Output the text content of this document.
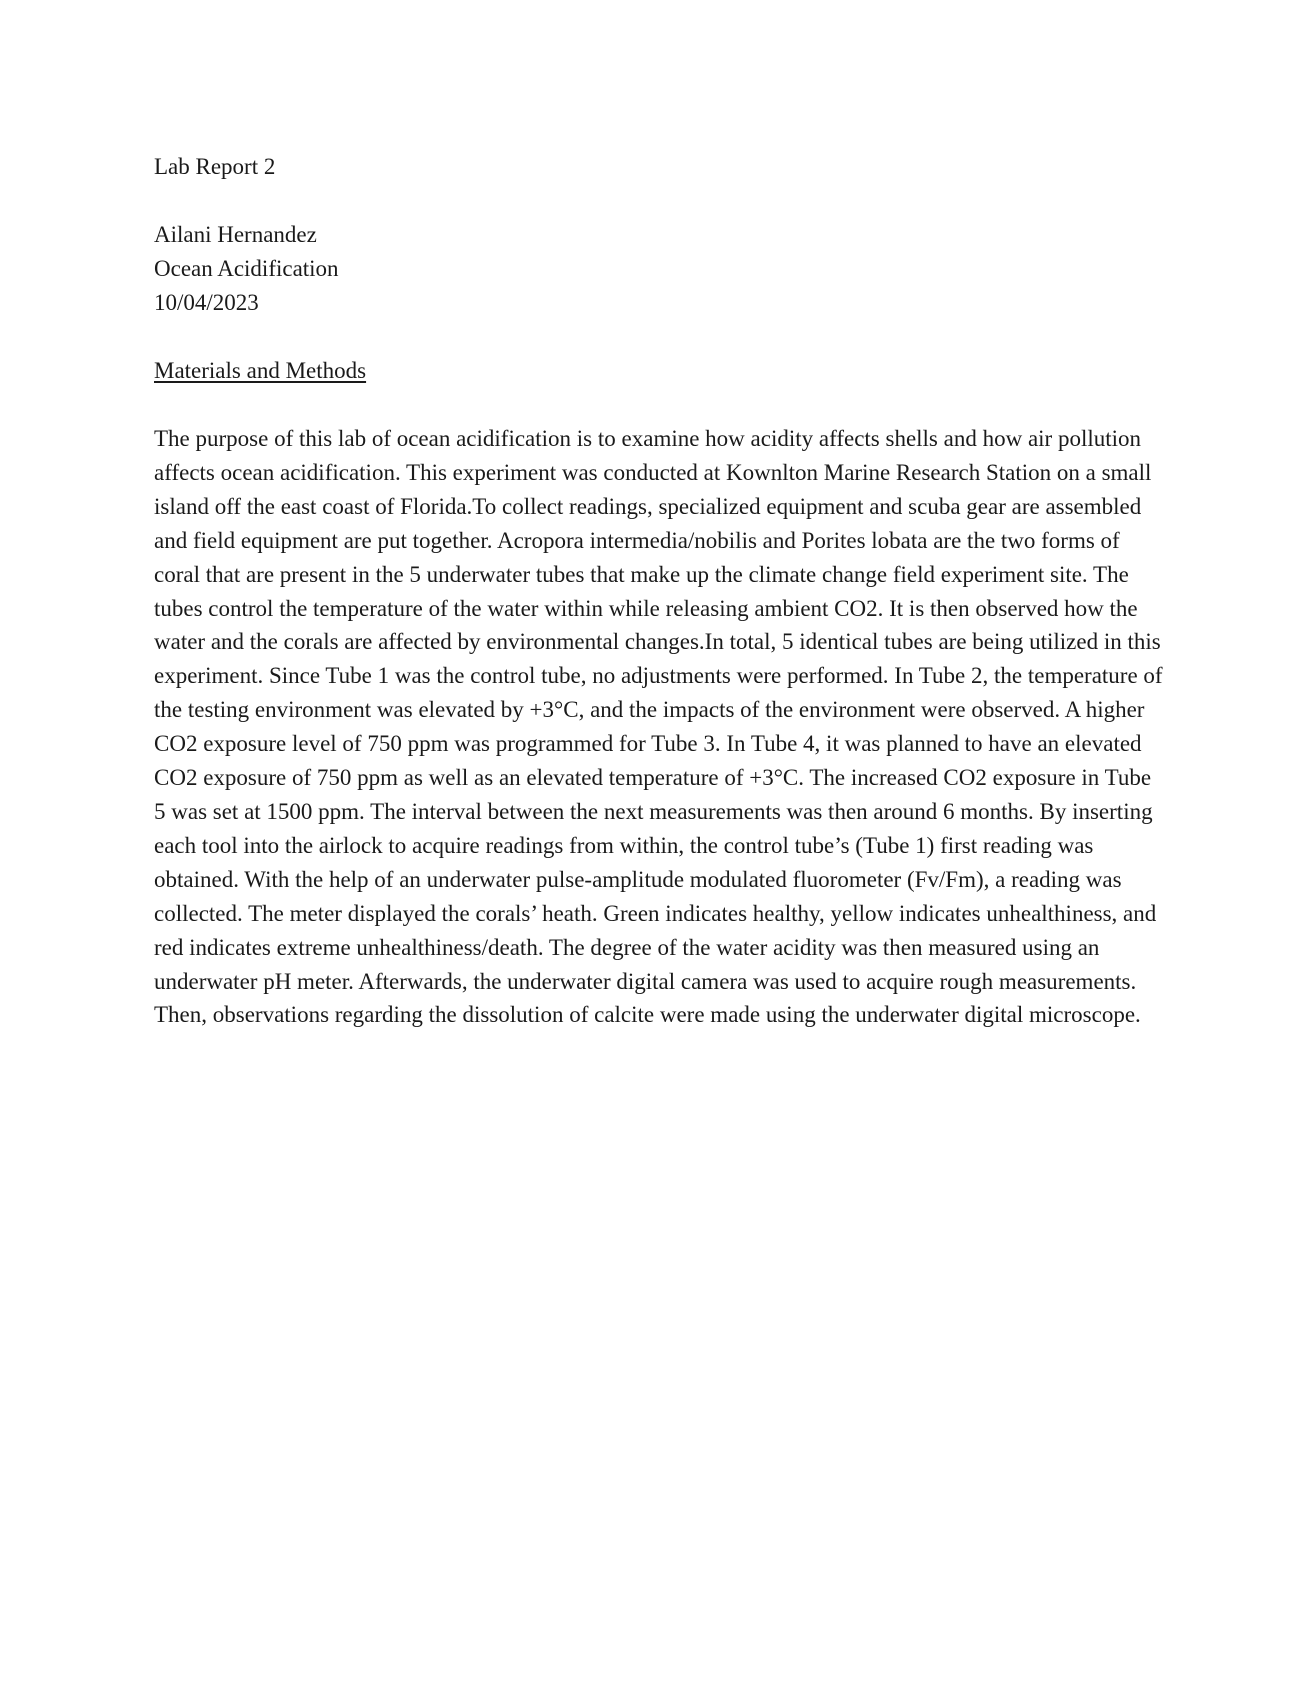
Lab Report 2
Ailani Hernandez
Ocean Acidification
10/04/2023
Materials and Methods

The purpose of this lab of ocean acidification is to examine how acidity affects shells and how air pollution affects ocean acidification. This experiment was conducted at Kownlton Marine Research Station on a small island off the east coast of Florida.To collect readings, specialized equipment and scuba gear are assembled and field equipment are put together. Acropora intermedia/nobilis and Porites lobata are the two forms of coral that are present in the 5 underwater tubes that make up the climate change field experiment site. The tubes control the temperature of the water within while releasing ambient CO2. It is then observed how the water and the corals are affected by environmental changes.In total, 5 identical tubes are being utilized in this experiment. Since Tube 1 was the control tube, no adjustments were performed. In Tube 2, the temperature of the testing environment was elevated by +3°C, and the impacts of the environment were observed. A higher CO2 exposure level of 750 ppm was programmed for Tube 3. In Tube 4, it was planned to have an elevated CO2 exposure of 750 ppm as well as an elevated temperature of +3°C. The increased CO2 exposure in Tube 5 was set at 1500 ppm. The interval between the next measurements was then around 6 months. By inserting each tool into the airlock to acquire readings from within, the control tube’s (Tube 1) first reading was obtained. With the help of an underwater pulse-amplitude modulated fluorometer (Fv/Fm), a reading was collected. The meter displayed the corals’ heath. Green indicates healthy, yellow indicates unhealthiness, and red indicates extreme unhealthiness/death. The degree of the water acidity was then measured using an underwater pH meter. Afterwards, the underwater digital camera was used to acquire rough measurements. Then, observations regarding the dissolution of calcite were made using the underwater digital microscope.
